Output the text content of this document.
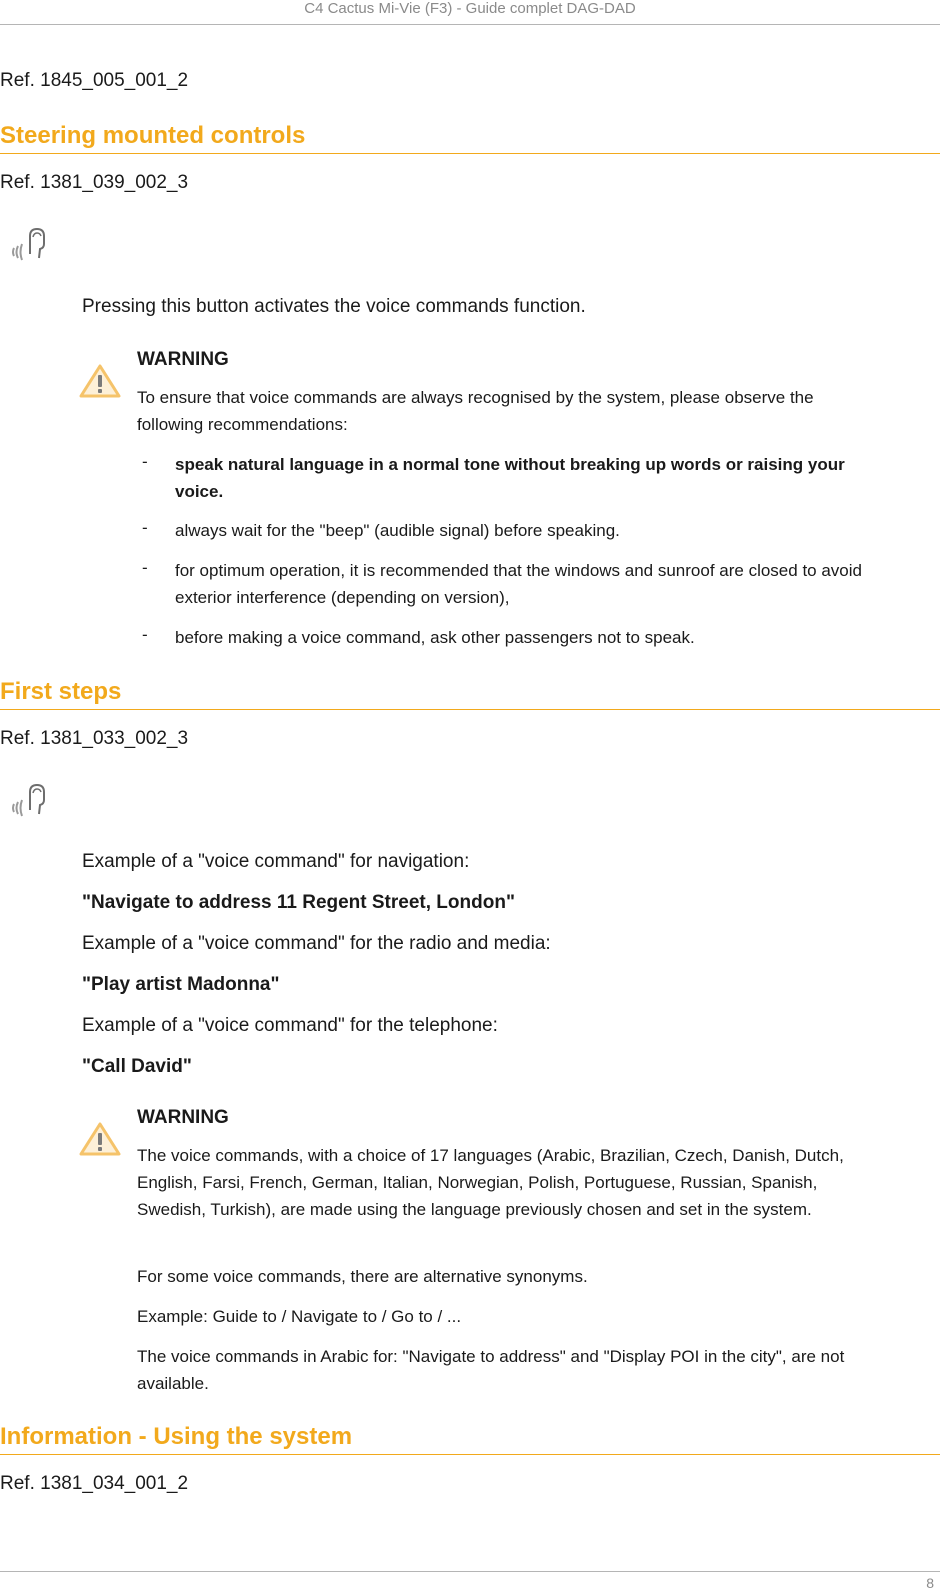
C4 Cactus Mi-Vie (F3) - Guide complet DAG-DAD
Ref. 1845_005_001_2
Steering mounted controls
Ref. 1381_039_002_3
Pressing this button activates the voice commands function.
WARNING
To ensure that voice commands are always recognised by the system, please observe the following recommendations:
- speak natural language in a normal tone without breaking up words or raising your voice.
- always wait for the "beep" (audible signal) before speaking.
- for optimum operation, it is recommended that the windows and sunroof are closed to avoid exterior interference (depending on version),
- before making a voice command, ask other passengers not to speak.
First steps
Ref. 1381_033_002_3
Example of a "voice command" for navigation:
"Navigate to address 11 Regent Street, London"
Example of a "voice command" for the radio and media:
"Play artist Madonna"
Example of a "voice command" for the telephone:
"Call David"
WARNING
The voice commands, with a choice of 17 languages (Arabic, Brazilian, Czech, Danish, Dutch, English, Farsi, French, German, Italian, Norwegian, Polish, Portuguese, Russian, Spanish, Swedish, Turkish), are made using the language previously chosen and set in the system.
For some voice commands, there are alternative synonyms.
Example: Guide to / Navigate to / Go to / ...
The voice commands in Arabic for: "Navigate to address" and "Display POI in the city", are not available.
Information - Using the system
Ref. 1381_034_001_2
8
